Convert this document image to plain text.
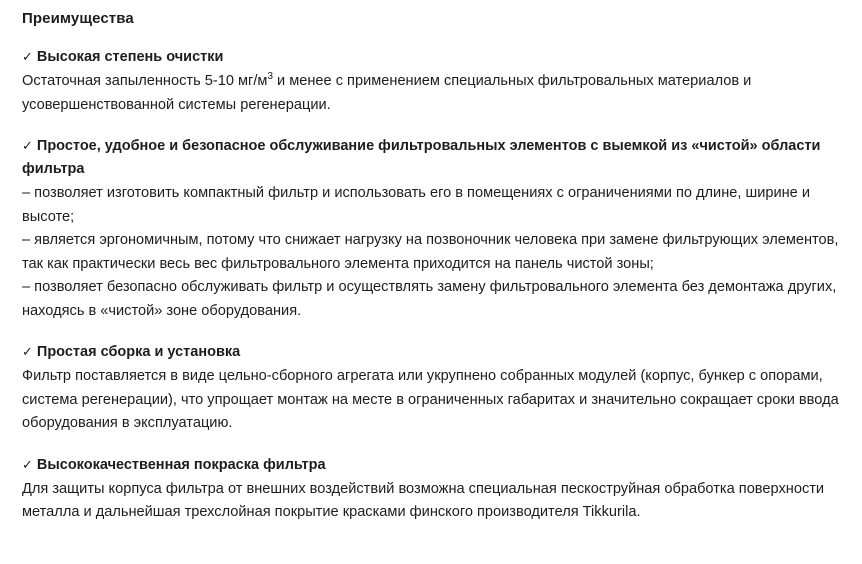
Преимущества
✓ Высокая степень очистки

Остаточная запыленность 5-10 $мг/м^3$ и менее с применением специальных фильтровальных материалов и усовершенствованной системы регенерации.

✓ Простое, удобное и безопасное обслуживание фильтровальных элементов с выемкой из «чистой» области фильтра

– позволяет изготовить компактный фильтр и использовать его в помещениях с ограничениями по длине, ширине и высоте;
– является эргономичным, потому что снижает нагрузку на позвоночник человека при замене фильтрующих элементов, так как практически весь вес фильтровального элемента приходится на панель чистой зоны;
– позволяет безопасно обслуживать фильтр и осуществлять замену фильтровального элемента без демонтажа других, находясь в «чистой» зоне оборудования.

✓ Простая сборка и установка

Фильтр поставляется в виде цельно-сборного агрегата или укрупнено собранных модулей (корпус, бункер с опорами, система регенерации), что упрощает монтаж на месте в ограниченных габаритах и значительно сокращает сроки ввода оборудования в эксплуатацию.

✓ Высококачественная покраска фильтра

Для защиты корпуса фильтра от внешних воздействий возможна специальная пескоструйная обработка поверхности металла и дальнейшая трехслойная покрытие красками финского производителя Tikkurila.
